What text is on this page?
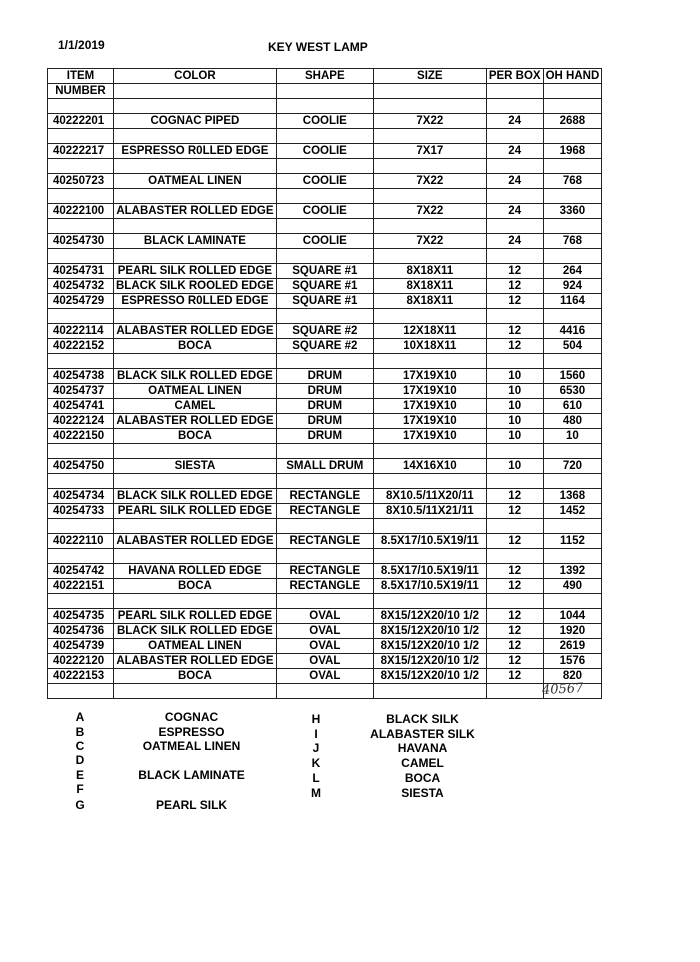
1/1/2019	KEY WEST LAMP
ITEM	COLOR	SHAPE	SIZE	PER BOX	OH HAND
NUMBER					

40222201	COGNAC PIPED	COOLIE	7X22	24	2688

40222217	ESPRESSO R0LLED EDGE	COOLIE	7X17	24	1968

40250723	OATMEAL LINEN	COOLIE	7X22	24	768

40222100	ALABASTER ROLLED EDGE	COOLIE	7X22	24	3360

40254730	BLACK LAMINATE	COOLIE	7X22	24	768

40254731	PEARL SILK ROLLED EDGE	SQUARE #1	8X18X11	12	264
40254732	BLACK SILK ROOLED EDGE	SQUARE #1	8X18X11	12	924
40254729	ESPRESSO R0LLED EDGE	SQUARE #1	8X18X11	12	1164

40222114	ALABASTER ROLLED EDGE	SQUARE #2	12X18X11	12	4416
40222152	BOCA	SQUARE #2	10X18X11	12	504

40254738	BLACK SILK ROLLED EDGE	DRUM	17X19X10	10	1560
40254737	OATMEAL LINEN	DRUM	17X19X10	10	6530
40254741	CAMEL	DRUM	17X19X10	10	610
40222124	ALABASTER ROLLED EDGE	DRUM	17X19X10	10	480
40222150	BOCA	DRUM	17X19X10	10	10

40254750	SIESTA	SMALL DRUM	14X16X10	10	720

40254734	BLACK SILK ROLLED EDGE	RECTANGLE	8X10.5/11X20/11	12	1368
40254733	PEARL SILK ROLLED EDGE	RECTANGLE	8X10.5/11X21/11	12	1452

40222110	ALABASTER ROLLED EDGE	RECTANGLE	8.5X17/10.5X19/11	12	1152

40254742	HAVANA ROLLED EDGE	RECTANGLE	8.5X17/10.5X19/11	12	1392
40222151	BOCA	RECTANGLE	8.5X17/10.5X19/11	12	490

40254735	PEARL SILK ROLLED EDGE	OVAL	8X15/12X20/10 1/2	12	1044
40254736	BLACK SILK ROLLED EDGE	OVAL	8X15/12X20/10 1/2	12	1920
40254739	OATMEAL LINEN	OVAL	8X15/12X20/10 1/2	12	2619
40222120	ALABASTER ROLLED EDGE	OVAL	8X15/12X20/10 1/2	12	1576
40222153	BOCA	OVAL	8X15/12X20/10 1/2	12	820

40567
A	COGNAC
B	ESPRESSO
C	OATMEAL LINEN
D
E	BLACK LAMINATE
F
G	PEARL SILK
H	BLACK SILK
I	ALABASTER SILK
J	HAVANA
K	CAMEL
L	BOCA
M	SIESTA
